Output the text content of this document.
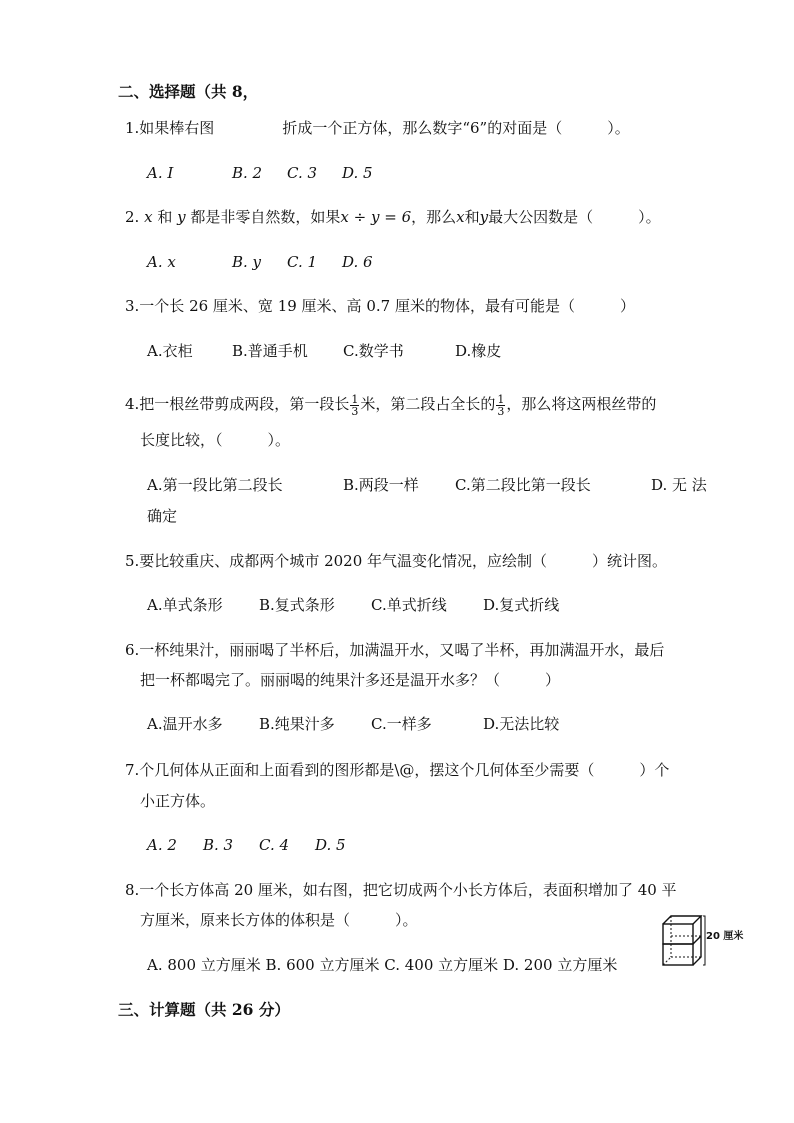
二、选择题（共 8，
1.如果棒右图	折成一个正方体，那么数字“6”的对面是（　　　）。
A. I	B. 2 C. 3 D. 5
2. x 和 y 都是非零自然数，如果x ÷ y = 6，那么x和y最大公因数是（　　　）。
A. x	B. y C. 1 D. 6
3.一个长 26 厘米、宽 19 厘米、高 0.7 厘米的物体，最有可能是（　　　）
A.衣柜	B.普通手机 C.数学书	D.橡皮
4.把一根丝带剪成两段，第一段长 $\frac{1}{3}$ 米，第二段占全长的 $\frac{1}{3}$ ，那么将这两根丝带的
长度比较，（　　　）。
A.第一段比第二段长	B.两段一样 C.第二段比第一段长	D. 无 法
确定
5.要比较重庆、成都两个城市 2020 年气温变化情况，应绘制（　　　）统计图。
A.单式条形 B.复式条形 C.单式折线 D.复式折线
6.一杯纯果汁，丽丽喝了半杯后，加满温开水，又喝了半杯，再加满温开水，最后
把一杯都喝完了。丽丽喝的纯果汁多还是温开水多？（　　　）
A.温开水多 B.纯果汁多 C.一样多	D.无法比较
7.个几何体从正面和上面看到的图形都是\@，摆这个几何体至少需要（　　　）个
小正方体。
A. 2 B. 3 C. 4 D. 5
8.一个长方体高 20 厘米，如右图，把它切成两个小长方体后，表面积增加了 40 平
方厘米，原来长方体的体积是（　　　）。
A. 800 立方厘米 B. 600 立方厘米 C. 400 立方厘米 D. 200 立方厘米
20 厘米
三、计算题（共 26 分）
